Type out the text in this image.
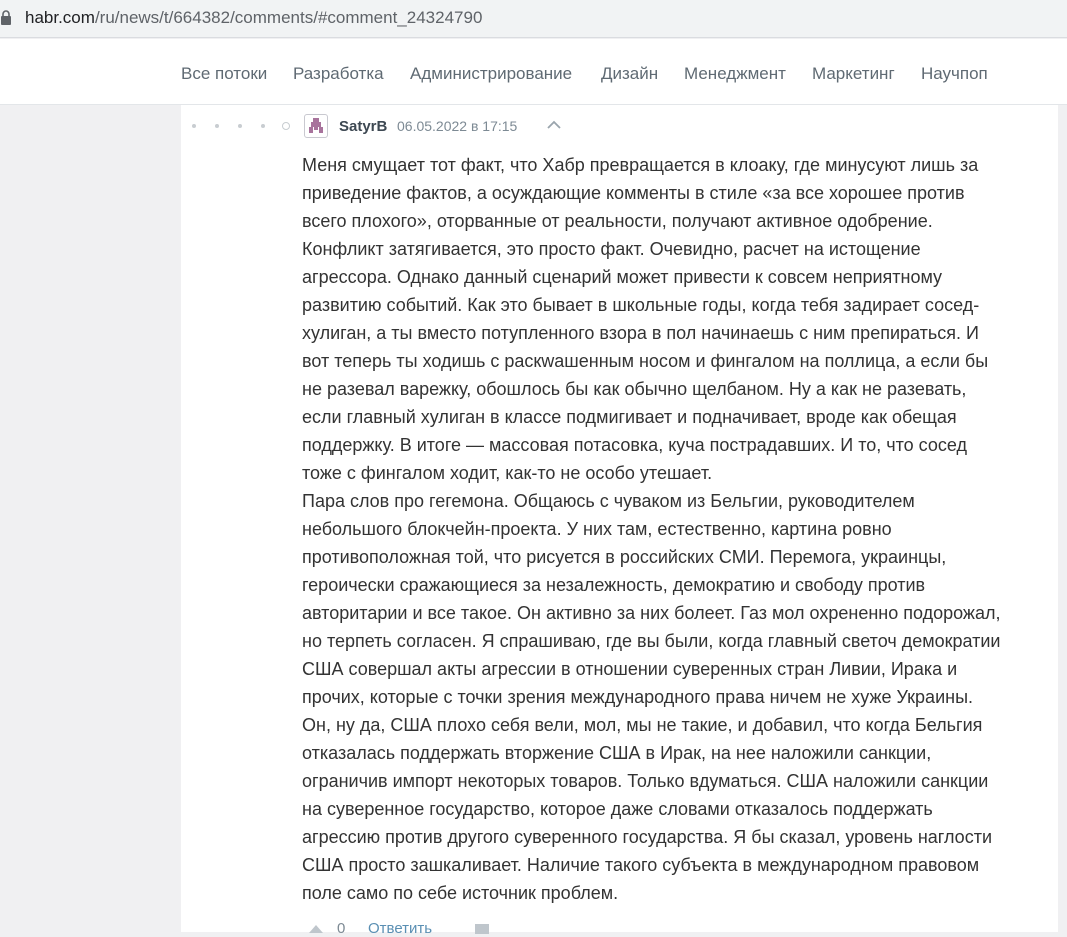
habr.com/ru/news/t/664382/comments/#comment_24324790
Все потоки Разработка Администрирование Дизайн Менеджмент Маркетинг Научпоп
SatyrB 06.05.2022 в 17:15

Меня смущает тот факт, что Хабр превращается в клоаку, где минусуют лишь за

приведение фактов, а осуждающие комменты в стиле «за все хорошее против

всего плохого», оторванные от реальности, получают активное одобрение.

Конфликт затягивается, это просто факт. Очевидно, расчет на истощение

агрессора. Однако данный сценарий может привести к совсем неприятному

развитию событий. Как это бывает в школьные годы, когда тебя задирает сосед-

хулиган, а ты вместо потупленного взора в пол начинаешь с ним препираться. И

вот теперь ты ходишь с раскwашенным носом и фингалом на поллица, а если бы

не разевал варежку, обошлось бы как обычно щелбаном. Ну а как не разевать,

если главный хулиган в классе подмигивает и подначивает, вроде как обещая

поддержку. В итоге — массовая потасовка, куча пострадавших. И то, что сосед

тоже с фингалом ходит, как-то не особо утешает.

Пара слов про гегемона. Общаюсь с чуваком из Бельгии, руководителем

небольшого блокчейн-проекта. У них там, естественно, картина ровно

противоположная той, что рисуется в российских СМИ. Перемога, украинцы,

героически сражающиеся за незалежность, демократию и свободу против

авторитарии и все такое. Он активно за них болеет. Газ мол охрененно подорожал,

но терпеть согласен. Я спрашиваю, где вы были, когда главный светоч демократии

США совершал акты агрессии в отношении суверенных стран Ливии, Ирака и

прочих, которые с точки зрения международного права ничем не хуже Украины.

Он, ну да, США плохо себя вели, мол, мы не такие, и добавил, что когда Бельгия

отказалась поддержать вторжение США в Ирак, на нее наложили санкции,

ограничив импорт некоторых товаров. Только вдуматься. США наложили санкции

на суверенное государство, которое даже словами отказалось поддержать

агрессию против другого суверенного государства. Я бы сказал, уровень наглости

США просто зашкаливает. Наличие такого субъекта в международном правовом

поле само по себе источник проблем.

0 Ответить
